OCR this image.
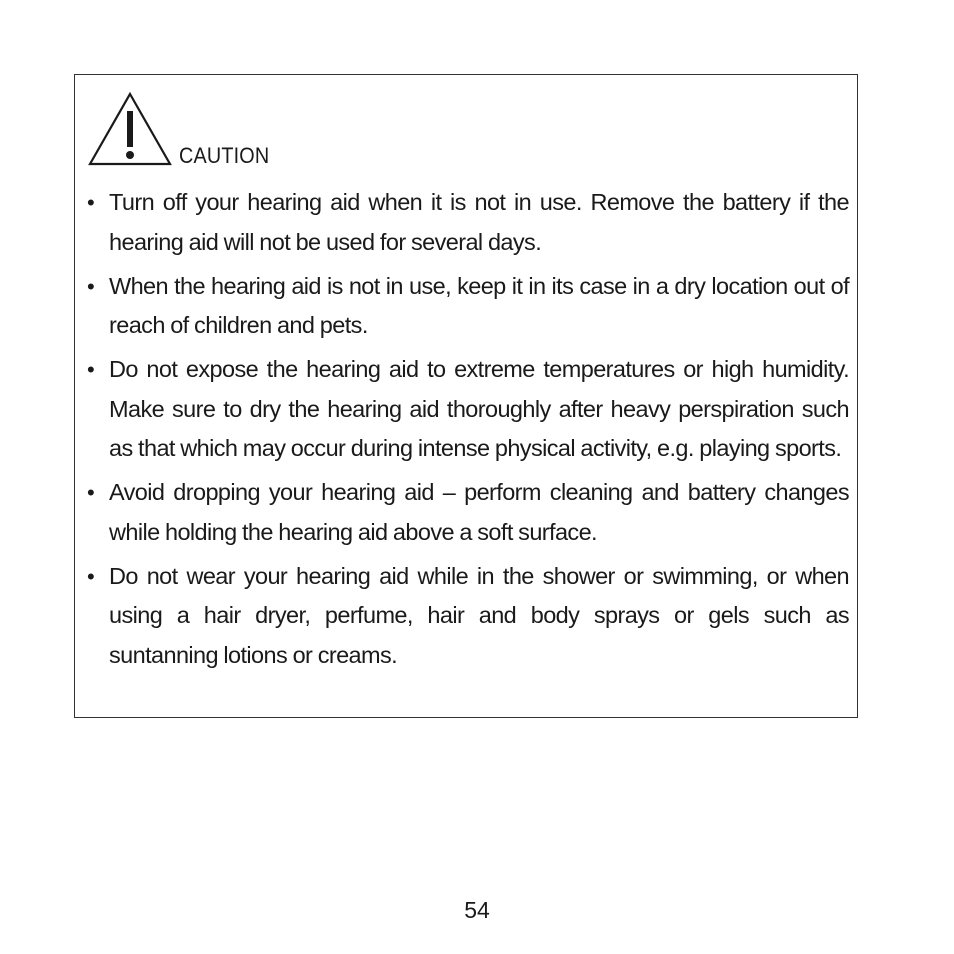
CAUTION
• Turn off your hearing aid when it is not in use. Remove the battery if the hearing aid will not be used for several days.
• When the hearing aid is not in use, keep it in its case in a dry location out of reach of children and pets.
• Do not expose the hearing aid to extreme temperatures or high humidity. Make sure to dry the hearing aid thoroughly after heavy perspiration such as that which may occur during intense physical activity, e.g. playing sports.
• Avoid dropping your hearing aid – perform cleaning and battery changes while holding the hearing aid above a soft surface.
• Do not wear your hearing aid while in the shower or swimming, or when using a hair dryer, perfume, hair and body sprays or gels such as suntanning lotions or creams.
54
